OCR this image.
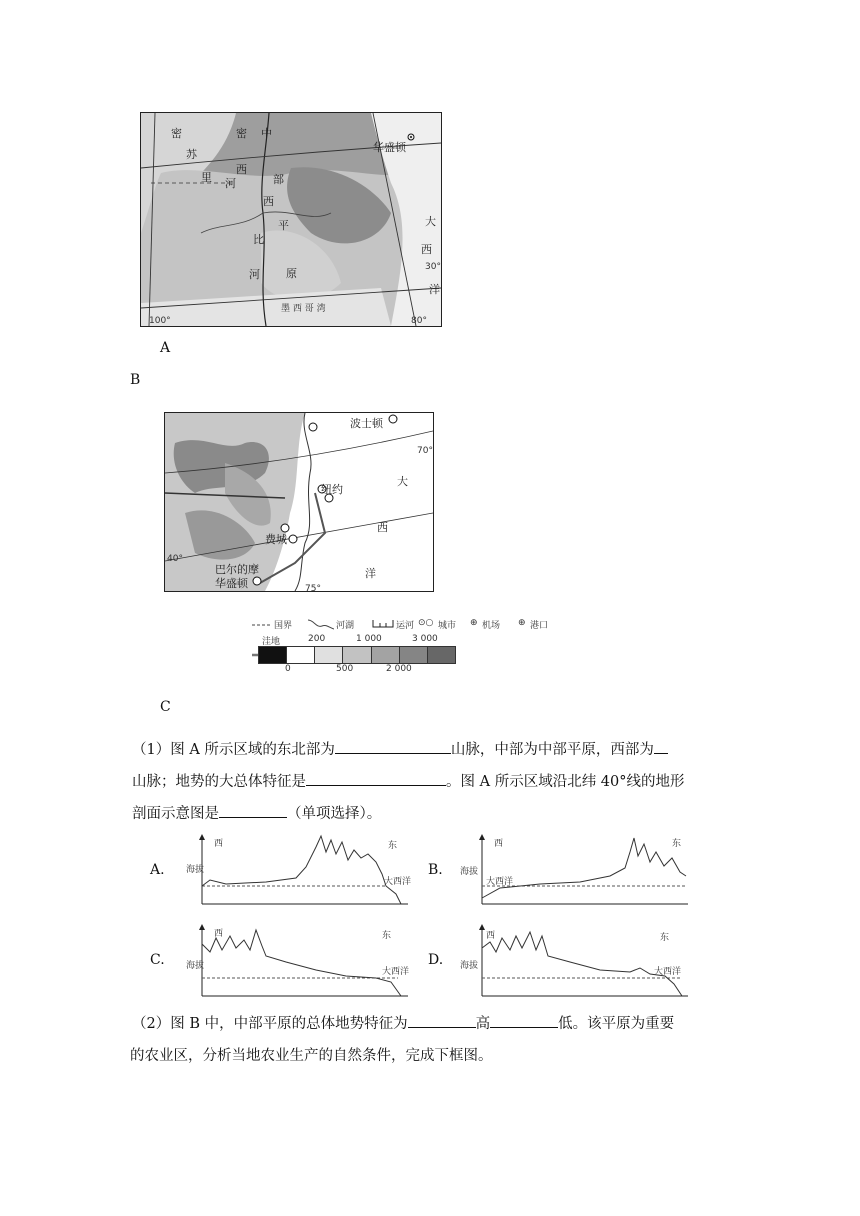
中
部
平
原
密
苏
里 河
密
西
西
比
河
华盛顿
大
西
洋
墨 西 哥 湾
100°	80°
30°
A
B
波士顿
纽约
费城
巴尔的摩
华盛顿
大
西
洋
40°
70°
75°
国界	河湖	运河 ⊙○ 城市 ⊕ 机场 ⊕ 港口
洼地	200	1 000	3 000
0	500	2 000
C
（1）图 A 所示区域的东北部为	山脉，中部为中部平原，西部为
山脉；地势的大总体特征是	。图 A 所示区域沿北纬 40°线的地形
剖面示意图是	（单项选择）。
A. 海拔
西	东
大西洋
B. 海拔
西	东
大西洋
C. 海拔
西	东
大西洋
D. 海拔
西	东
大西洋
（2）图 B 中，中部平原的总体地势特征为	高	低。该平原为重要
的农业区，分析当地农业生产的自然条件，完成下框图。
